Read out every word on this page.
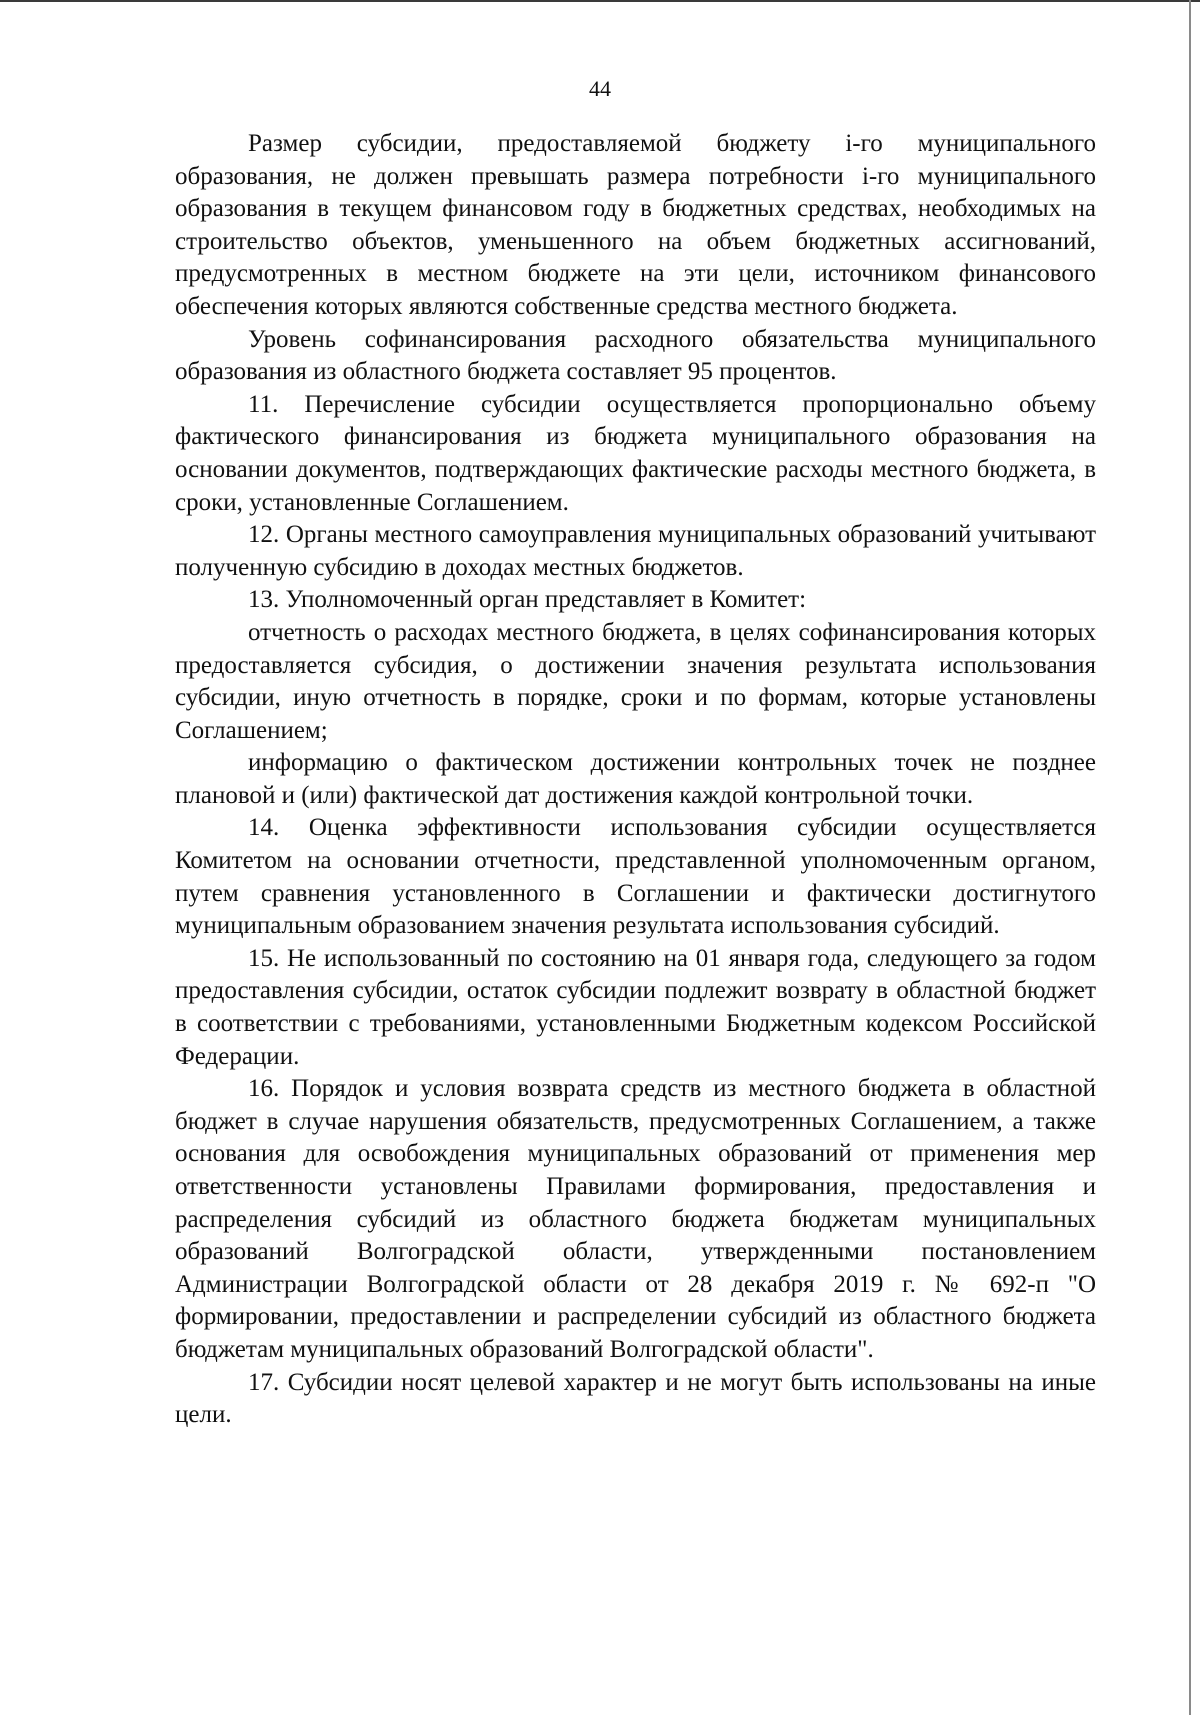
44

Размер субсидии, предоставляемой бюджету i-го муниципального образования, не должен превышать размера потребности i-го муниципального образования в текущем финансовом году в бюджетных средствах, необходимых на строительство объектов, уменьшенного на объем бюджетных ассигнований, предусмотренных в местном бюджете на эти цели, источником финансового обеспечения которых являются собственные средства местного бюджета.

Уровень софинансирования расходного обязательства муниципального образования из областного бюджета составляет 95 процентов.

11. Перечисление субсидии осуществляется пропорционально объему фактического финансирования из бюджета муниципального образования на основании документов, подтверждающих фактические расходы местного бюджета, в сроки, установленные Соглашением.

12. Органы местного самоуправления муниципальных образований учитывают полученную субсидию в доходах местных бюджетов.

13. Уполномоченный орган представляет в Комитет:

отчетность о расходах местного бюджета, в целях софинансирования которых предоставляется субсидия, о достижении значения результата использования субсидии, иную отчетность в порядке, сроки и по формам, которые установлены Соглашением;

информацию о фактическом достижении контрольных точек не позднее плановой и (или) фактической дат достижения каждой контрольной точки.

14. Оценка эффективности использования субсидии осуществляется Комитетом на основании отчетности, представленной уполномоченным органом, путем сравнения установленного в Соглашении и фактически достигнутого муниципальным образованием значения результата использования субсидий.

15. Не использованный по состоянию на 01 января года, следующего за годом предоставления субсидии, остаток субсидии подлежит возврату в областной бюджет в соответствии с требованиями, установленными Бюджетным кодексом Российской Федерации.

16. Порядок и условия возврата средств из местного бюджета в областной бюджет в случае нарушения обязательств, предусмотренных Соглашением, а также основания для освобождения муниципальных образований от применения мер ответственности установлены Правилами формирования, предоставления и распределения субсидий из областного бюджета бюджетам муниципальных образований Волгоградской области, утвержденными постановлением Администрации Волгоградской области от 28 декабря 2019 г. № 692-п "О формировании, предоставлении и распределении субсидий из областного бюджета бюджетам муниципальных образований Волгоградской области".

17. Субсидии носят целевой характер и не могут быть использованы на иные цели.
